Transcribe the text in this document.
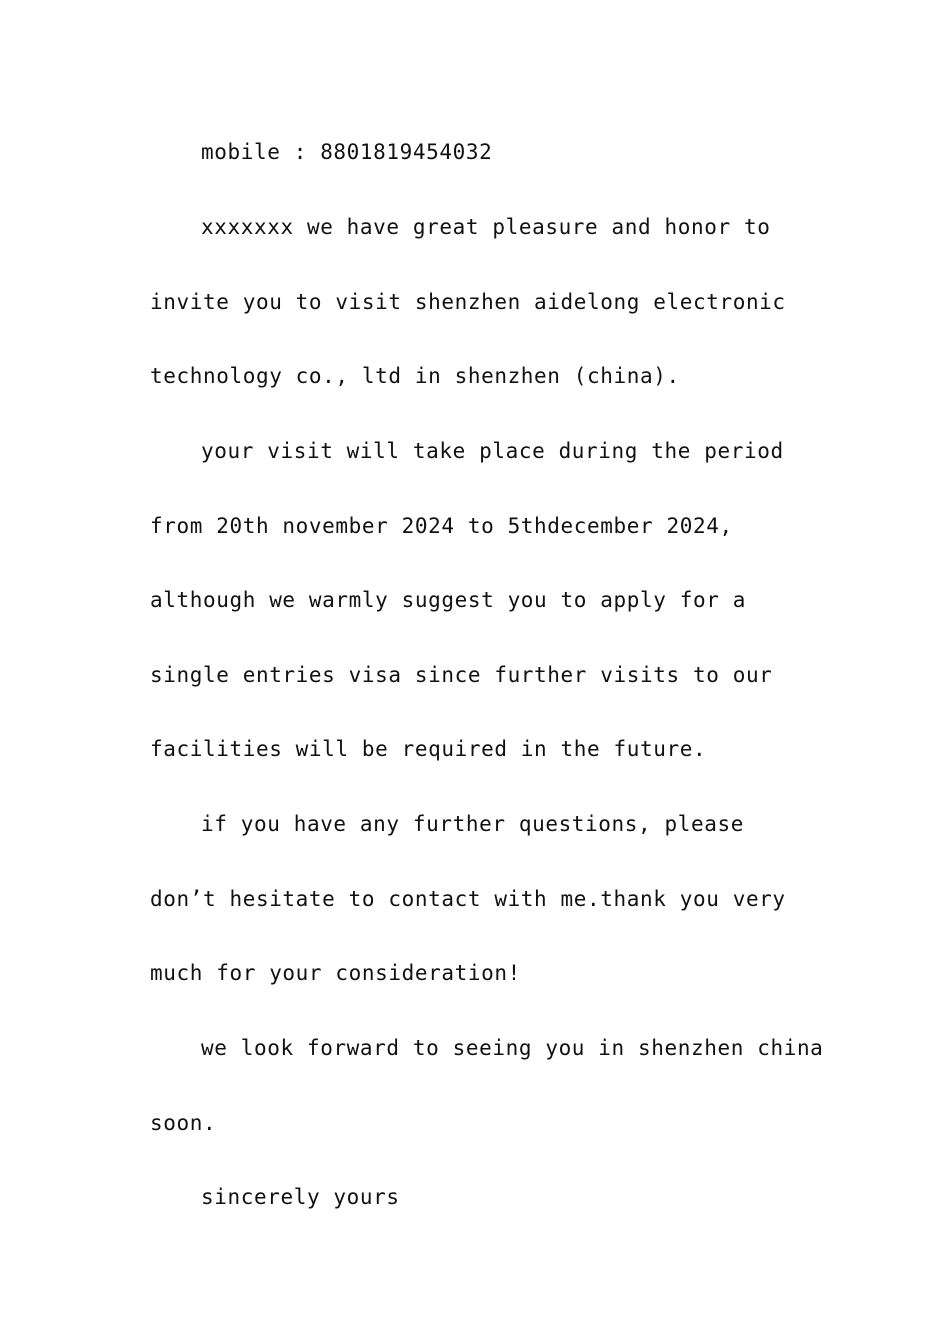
mobile : 8801819454032
xxxxxxx we have great pleasure and honor to
invite you to visit shenzhen aidelong electronic
technology co., ltd in shenzhen (china).
your visit will take place during the period
from 20th november 2024 to 5thdecember 2024,
although we warmly suggest you to apply for a
single entries visa since further visits to our
facilities will be required in the future.
if you have any further questions, please
don’t hesitate to contact with me.thank you very
much for your consideration!
we look forward to seeing you in shenzhen china
soon.
sincerely yours
